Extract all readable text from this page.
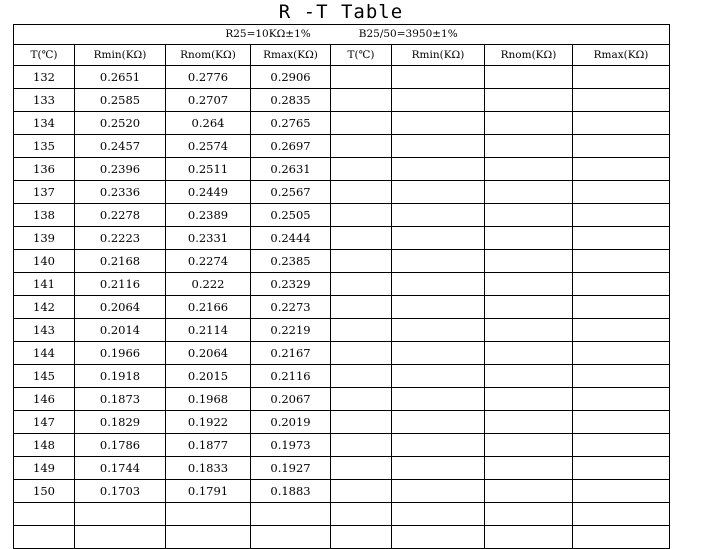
R -T Table
R25=10KΩ±1% B25/50=3950±1%							
T(℃)	Rmin(KΩ)	Rnom(KΩ)	Rmax(KΩ)	T(℃)	Rmin(KΩ)	Rnom(KΩ)	Rmax(KΩ)
132	0.2651	0.2776	0.2906				
133	0.2585	0.2707	0.2835				
134	0.2520	0.264	0.2765				
135	0.2457	0.2574	0.2697				
136	0.2396	0.2511	0.2631				
137	0.2336	0.2449	0.2567				
138	0.2278	0.2389	0.2505				
139	0.2223	0.2331	0.2444				
140	0.2168	0.2274	0.2385				
141	0.2116	0.222	0.2329				
142	0.2064	0.2166	0.2273				
143	0.2014	0.2114	0.2219				
144	0.1966	0.2064	0.2167				
145	0.1918	0.2015	0.2116				
146	0.1873	0.1968	0.2067				
147	0.1829	0.1922	0.2019				
148	0.1786	0.1877	0.1973				
149	0.1744	0.1833	0.1927				
150	0.1703	0.1791	0.1883				
